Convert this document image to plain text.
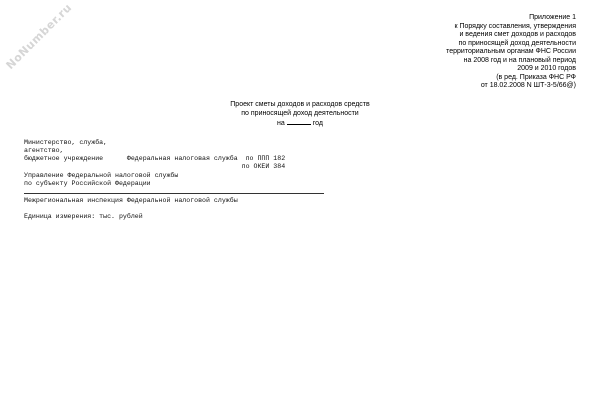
NoNumber.ru	Приложение 1
к Порядку составления, утверждения
и ведения смет доходов и расходов
по приносящей доход деятельности
территориальным органам ФНС России
на 2008 год и на плановый период
2009 и 2010 годов
(в ред. Приказа ФНС РФ
от 18.02.2008 N ШТ-3-5/66@)
Проект сметы доходов и расходов средств
по приносящей доход деятельности
на	год
Министерство, служба,
агентство,
бюджетное учреждение      Федеральная налоговая служба  по ППП 182
по ОКЕИ 384
Управление Федеральной налоговой службы
по субъекту Российской Федерации
Межрегиональная инспекция Федеральной налоговой службы
Единица измерения: тыс. рублей
